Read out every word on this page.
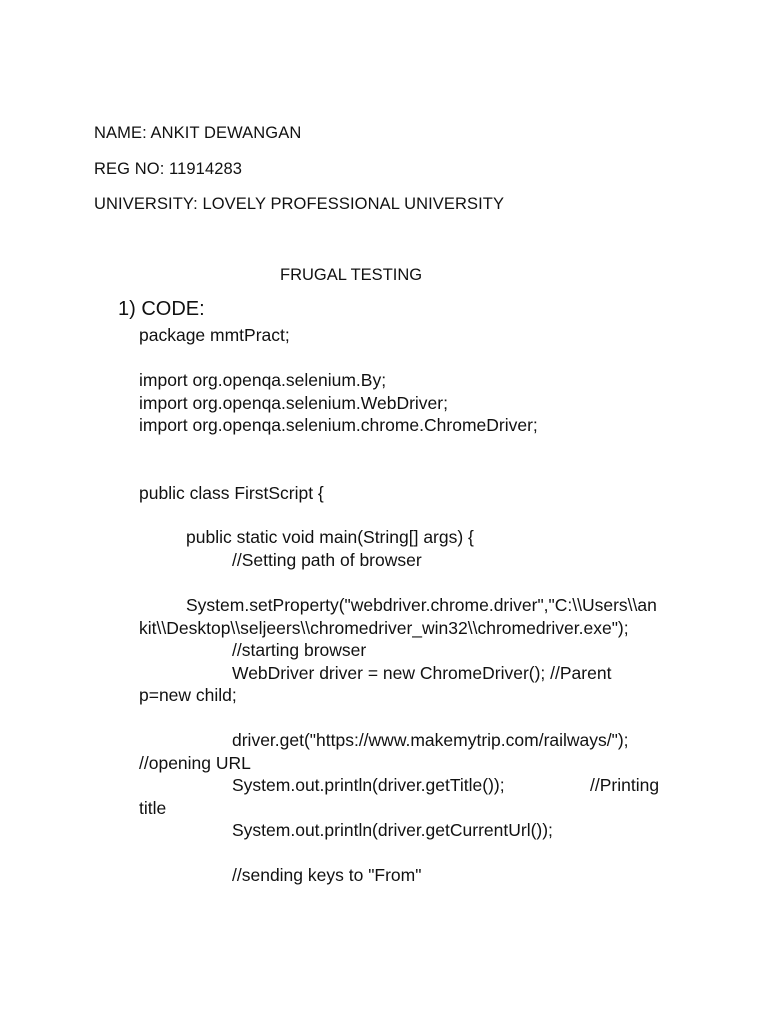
NAME: ANKIT DEWANGAN
REG NO: 11914283
UNIVERSITY: LOVELY PROFESSIONAL UNIVERSITY
FRUGAL TESTING
1) CODE:
package mmtPract;
import org.openqa.selenium.By;
import org.openqa.selenium.WebDriver;
import org.openqa.selenium.chrome.ChromeDriver;
public class FirstScript {
public static void main(String[] args) {
//Setting path of browser
System.setProperty("webdriver.chrome.driver","C:\\Users\\an
kit\\Desktop\\seljeers\\chromedriver_win32\\chromedriver.exe");
//starting browser
WebDriver driver = new ChromeDriver(); //Parent
p=new child;
driver.get("https://www.makemytrip.com/railways/");
//opening URL
System.out.println(driver.getTitle());	//Printing
title
System.out.println(driver.getCurrentUrl());
//sending keys to "From"
